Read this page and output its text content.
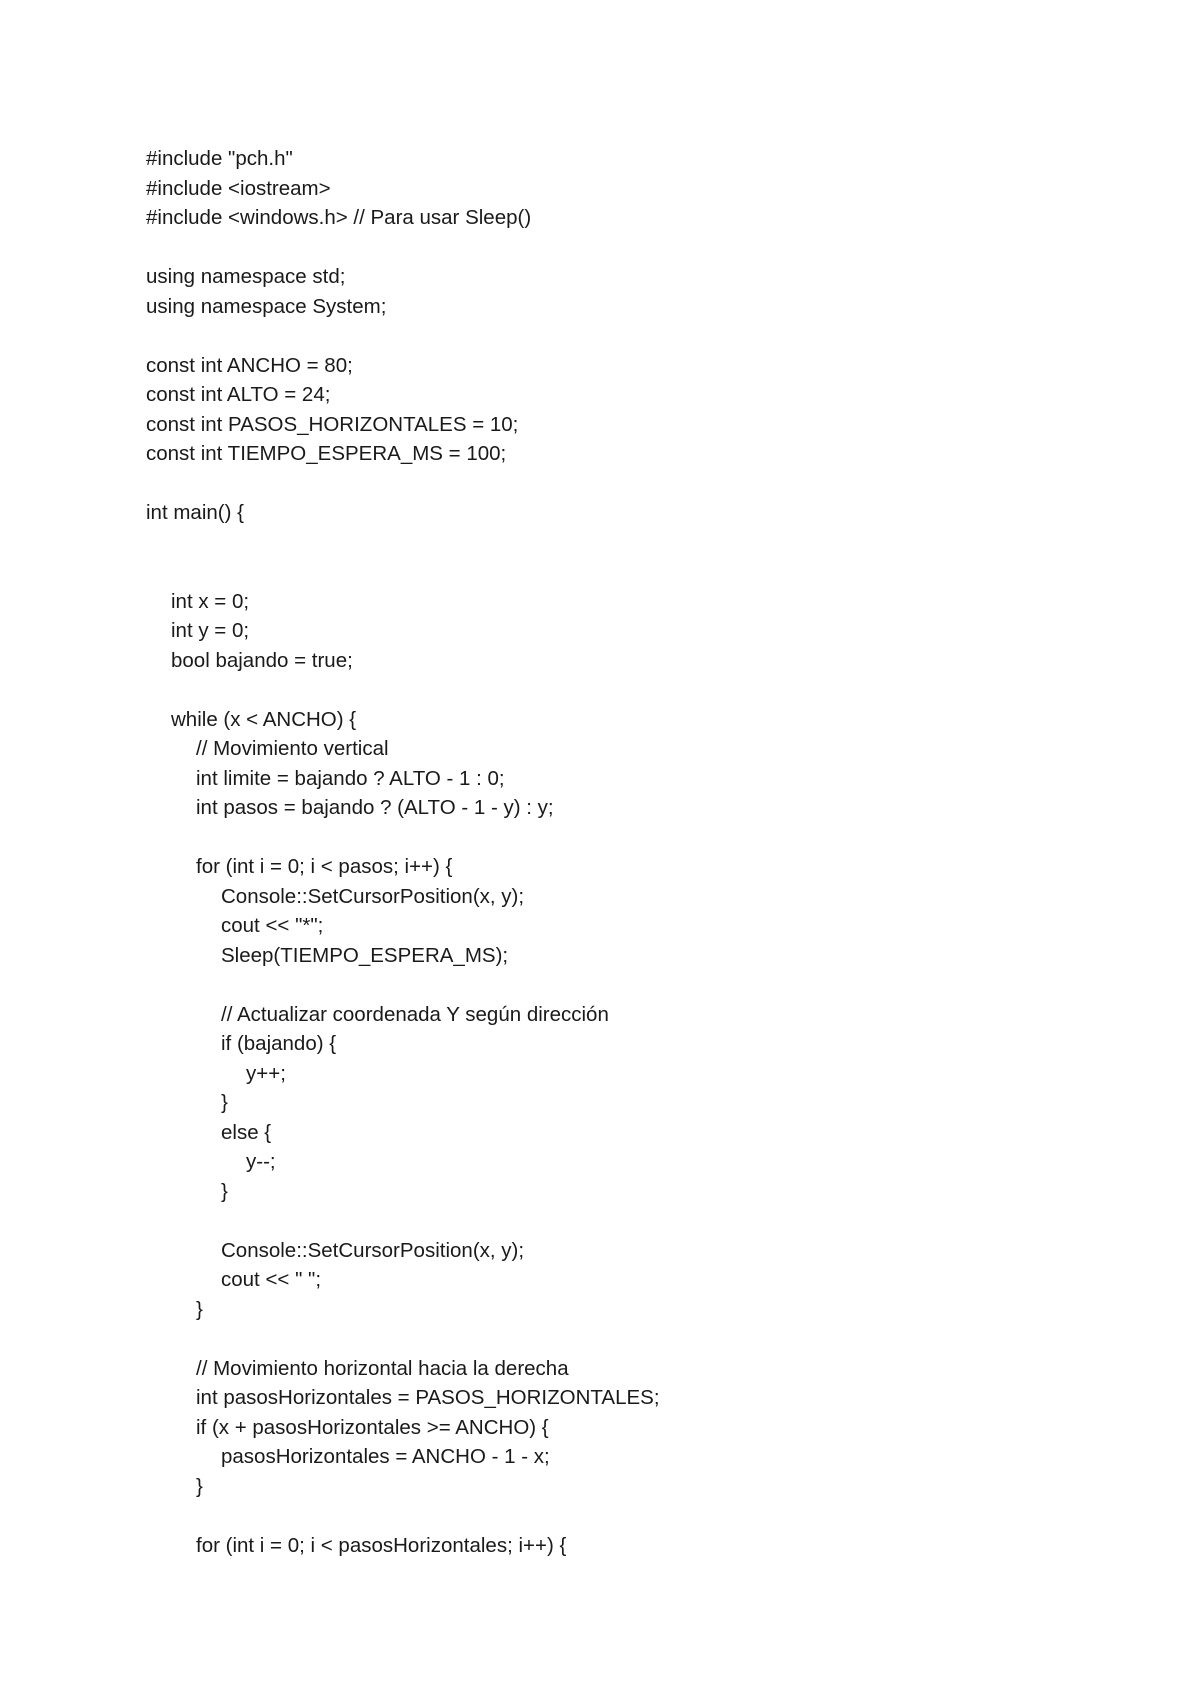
#include "pch.h"
#include <iostream>
#include <windows.h> // Para usar Sleep()
using namespace std;
using namespace System;
const int ANCHO = 80;
const int ALTO = 24;
const int PASOS_HORIZONTALES = 10;
const int TIEMPO_ESPERA_MS = 100;
int main() {
int x = 0;
int y = 0;
bool bajando = true;
while (x < ANCHO) {
// Movimiento vertical
int limite = bajando ? ALTO - 1 : 0;
int pasos = bajando ? (ALTO - 1 - y) : y;
for (int i = 0; i < pasos; i++) {
Console::SetCursorPosition(x, y);
cout << "*";
Sleep(TIEMPO_ESPERA_MS);
// Actualizar coordenada Y según dirección
if (bajando) {
y++;
}
else {
y--;
}
Console::SetCursorPosition(x, y);
cout << " ";
}
// Movimiento horizontal hacia la derecha
int pasosHorizontales = PASOS_HORIZONTALES;
if (x + pasosHorizontales >= ANCHO) {
pasosHorizontales = ANCHO - 1 - x;
}
for (int i = 0; i < pasosHorizontales; i++) {
